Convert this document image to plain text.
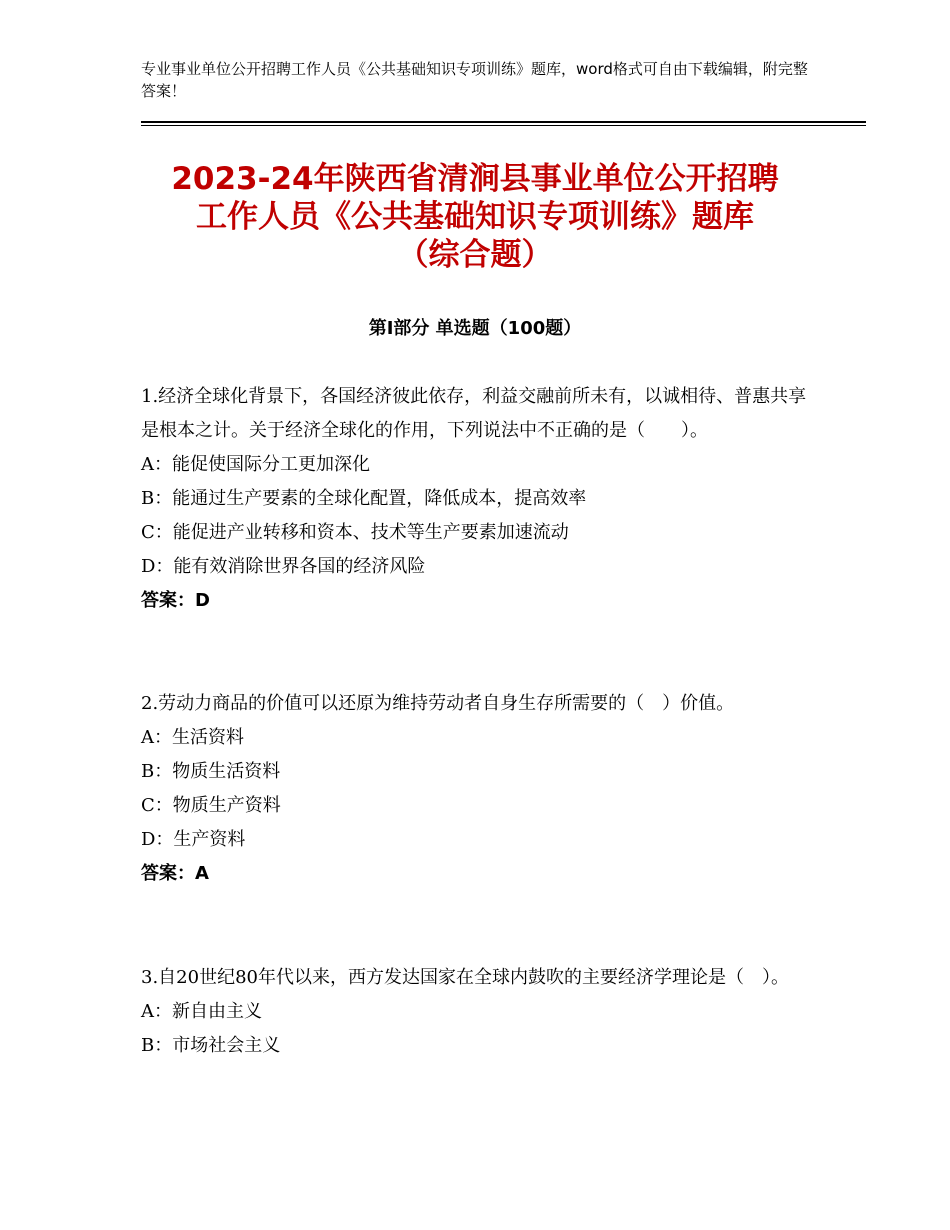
专业事业单位公开招聘工作人员《公共基础知识专项训练》题库，word格式可自由下载编辑，附完整答案！
2023-24年陕西省清涧县事业单位公开招聘
工作人员《公共基础知识专项训练》题库
（综合题）
第Ⅰ部分 单选题（100题）
1.经济全球化背景下，各国经济彼此依存，利益交融前所未有，以诚相待、普惠共享是根本之计。关于经济全球化的作用，下列说法中不正确的是（　　）。
A：能促使国际分工更加深化
B：能通过生产要素的全球化配置，降低成本，提高效率
C：能促进产业转移和资本、技术等生产要素加速流动
D：能有效消除世界各国的经济风险
答案：D
2.劳动力商品的价值可以还原为维持劳动者自身生存所需要的（　）价值。
A：生活资料
B：物质生活资料
C：物质生产资料
D：生产资料
答案：A
3.自20世纪80年代以来，西方发达国家在全球内鼓吹的主要经济学理论是（　）。
A：新自由主义
B：市场社会主义
